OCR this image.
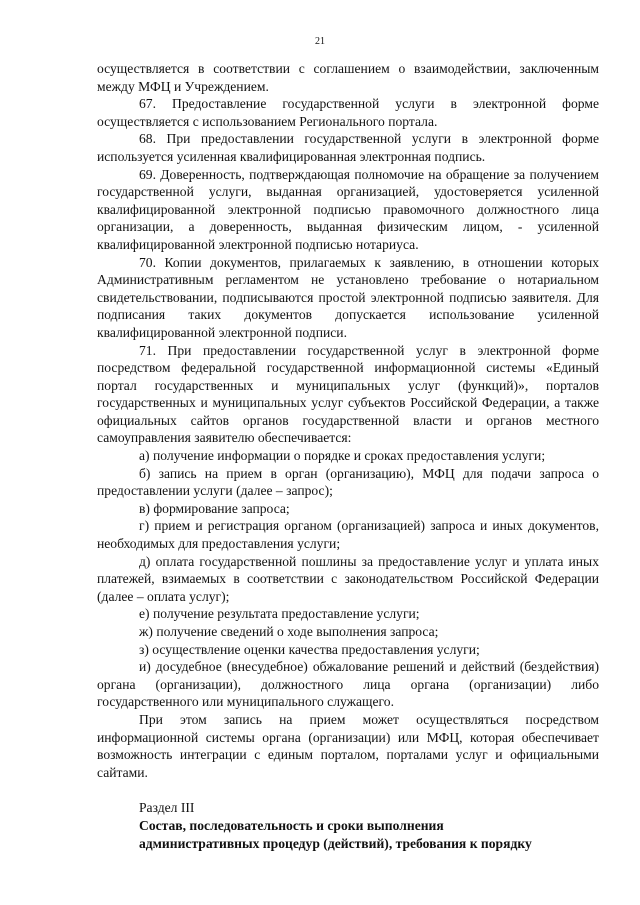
21

осуществляется в соответствии с соглашением о взаимодействии, заключенным между МФЦ и Учреждением.

67. Предоставление государственной услуги в электронной форме осуществляется с использованием Регионального портала.

68. При предоставлении государственной услуги в электронной форме используется усиленная квалифицированная электронная подпись.

69. Доверенность, подтверждающая полномочие на обращение за получением государственной услуги, выданная организацией, удостоверяется усиленной квалифицированной электронной подписью правомочного должностного лица организации, а доверенность, выданная физическим лицом, - усиленной квалифицированной электронной подписью нотариуса.

70. Копии документов, прилагаемых к заявлению, в отношении которых Административным регламентом не установлено требование о нотариальном свидетельствовании, подписываются простой электронной подписью заявителя. Для подписания таких документов допускается использование усиленной квалифицированной электронной подписи.

71. При предоставлении государственной услуг в электронной форме посредством федеральной государственной информационной системы «Единый портал государственных и муниципальных услуг (функций)», порталов государственных и муниципальных услуг субъектов Российской Федерации, а также официальных сайтов органов государственной власти и органов местного самоуправления заявителю обеспечивается:

а) получение информации о порядке и сроках предоставления услуги;

б) запись на прием в орган (организацию), МФЦ для подачи запроса о предоставлении услуги (далее – запрос);

в) формирование запроса;

г) прием и регистрация органом (организацией) запроса и иных документов, необходимых для предоставления услуги;

д) оплата государственной пошлины за предоставление услуг и уплата иных платежей, взимаемых в соответствии с законодательством Российской Федерации (далее – оплата услуг);

е) получение результата предоставление услуги;

ж) получение сведений о ходе выполнения запроса;

з) осуществление оценки качества предоставления услуги;

и) досудебное (внесудебное) обжалование решений и действий (бездействия) органа (организации), должностного лица органа (организации) либо государственного или муниципального служащего.

При этом запись на прием может осуществляться посредством информационной системы органа (организации) или МФЦ, которая обеспечивает возможность интеграции с единым порталом, порталами услуг и официальными сайтами.

Раздел III

Состав, последовательность и сроки выполнения

административных процедур (действий), требования к порядку
